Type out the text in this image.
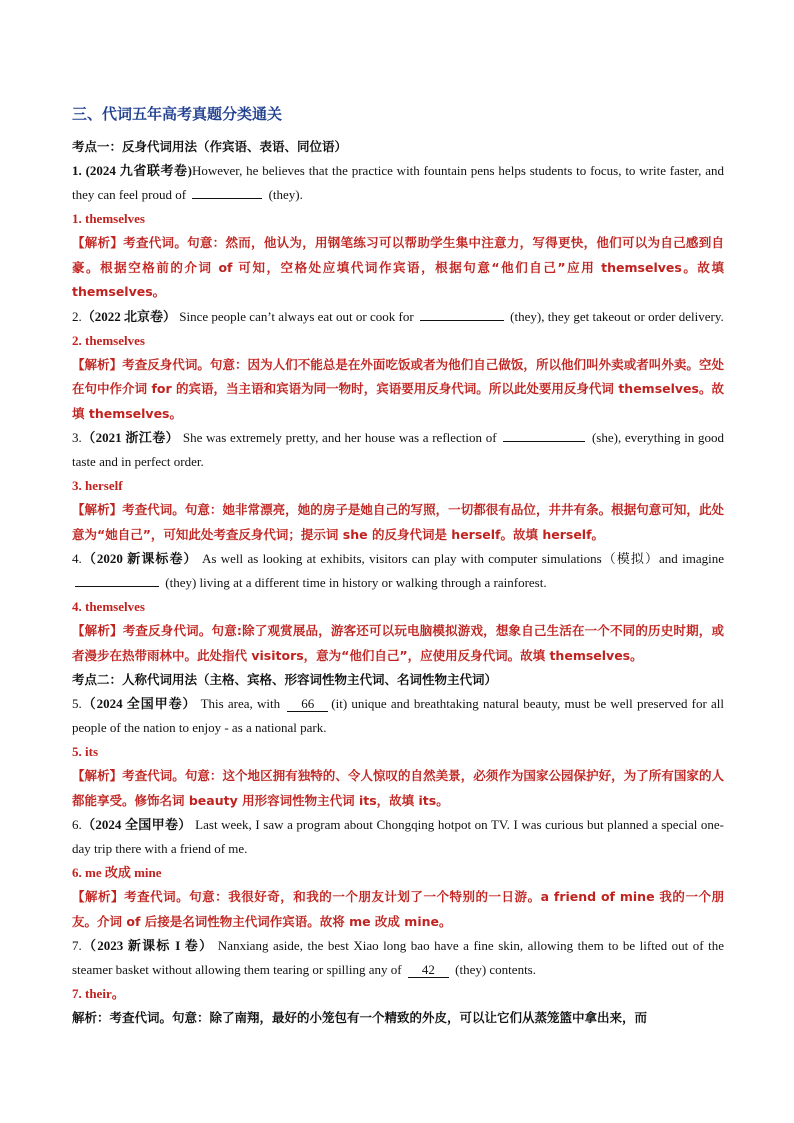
三、代词五年高考真题分类通关

考点一：反身代词用法（作宾语、表语、同位语）

1. (2024 九省联考卷)However, he believes that the practice with fountain pens helps students to focus, to write faster, and they can feel proud of	(they).

1. themselves

【解析】考查代词。句意：然而，他认为，用钢笔练习可以帮助学生集中注意力，写得更快，他们可以为自己感到自豪。根据空格前的介词 of 可知，空格处应填代词作宾语，根据句意“他们自己”应用 themselves。故填 themselves。

2.（2022 北京卷） Since people can’t always eat out or cook for	(they), they get takeout or order delivery.

2. themselves

【解析】考查反身代词。句意：因为人们不能总是在外面吃饭或者为他们自己做饭，所以他们叫外卖或者叫外卖。空处在句中作介词 for 的宾语，当主语和宾语为同一物时，宾语要用反身代词。所以此处要用反身代词 themselves。故填 themselves。

3.（2021 浙江卷） She was extremely pretty, and her house was a reflection of	(she), everything in good taste and in perfect order.

3. herself

【解析】考查代词。句意：她非常漂亮，她的房子是她自己的写照，一切都很有品位，井井有条。根据句意可知，此处意为“她自己”，可知此处考查反身代词；提示词 she 的反身代词是 herself。故填 herself。

4.（2020 新课标卷） As well as looking at exhibits, visitors can play with computer simulations（模拟）and imagine  (they) living at a different time in history or walking through a rainforest.

4. themselves

【解析】考查反身代词。句意:除了观赏展品，游客还可以玩电脑模拟游戏，想象自己生活在一个不同的历史时期，或者漫步在热带雨林中。此处指代 visitors，意为“他们自己”，应使用反身代词。故填 themselves。

考点二：人称代词用法（主格、宾格、形容词性物主代词、名词性物主代词）

5.（2024 全国甲卷） This area, with 66 (it) unique and breathtaking natural beauty, must be well preserved for all people of the nation to enjoy - as a national park.

5. its

【解析】考查代词。句意：这个地区拥有独特的、令人惊叹的自然美景，必须作为国家公园保护好，为了所有国家的人都能享受。修饰名词 beauty 用形容词性物主代词 its，故填 its。

6.（2024 全国甲卷） Last week, I saw a program about Chongqing hotpot on TV. I was curious but planned a special one-day trip there with a friend of me.

6. me 改成 mine

【解析】考查代词。句意：我很好奇，和我的一个朋友计划了一个特别的一日游。a friend of mine 我的一个朋友。介词 of 后接是名词性物主代词作宾语。故将 me 改成 mine。

7.（2023 新课标 I 卷） Nanxiang aside, the best Xiao long bao have a fine skin, allowing them to be lifted out of the steamer basket without allowing them tearing or spilling any of 42 (they) contents.

7. their。

解析：考查代词。句意：除了南翔，最好的小笼包有一个精致的外皮，可以让它们从蒸笼篮中拿出来，而
